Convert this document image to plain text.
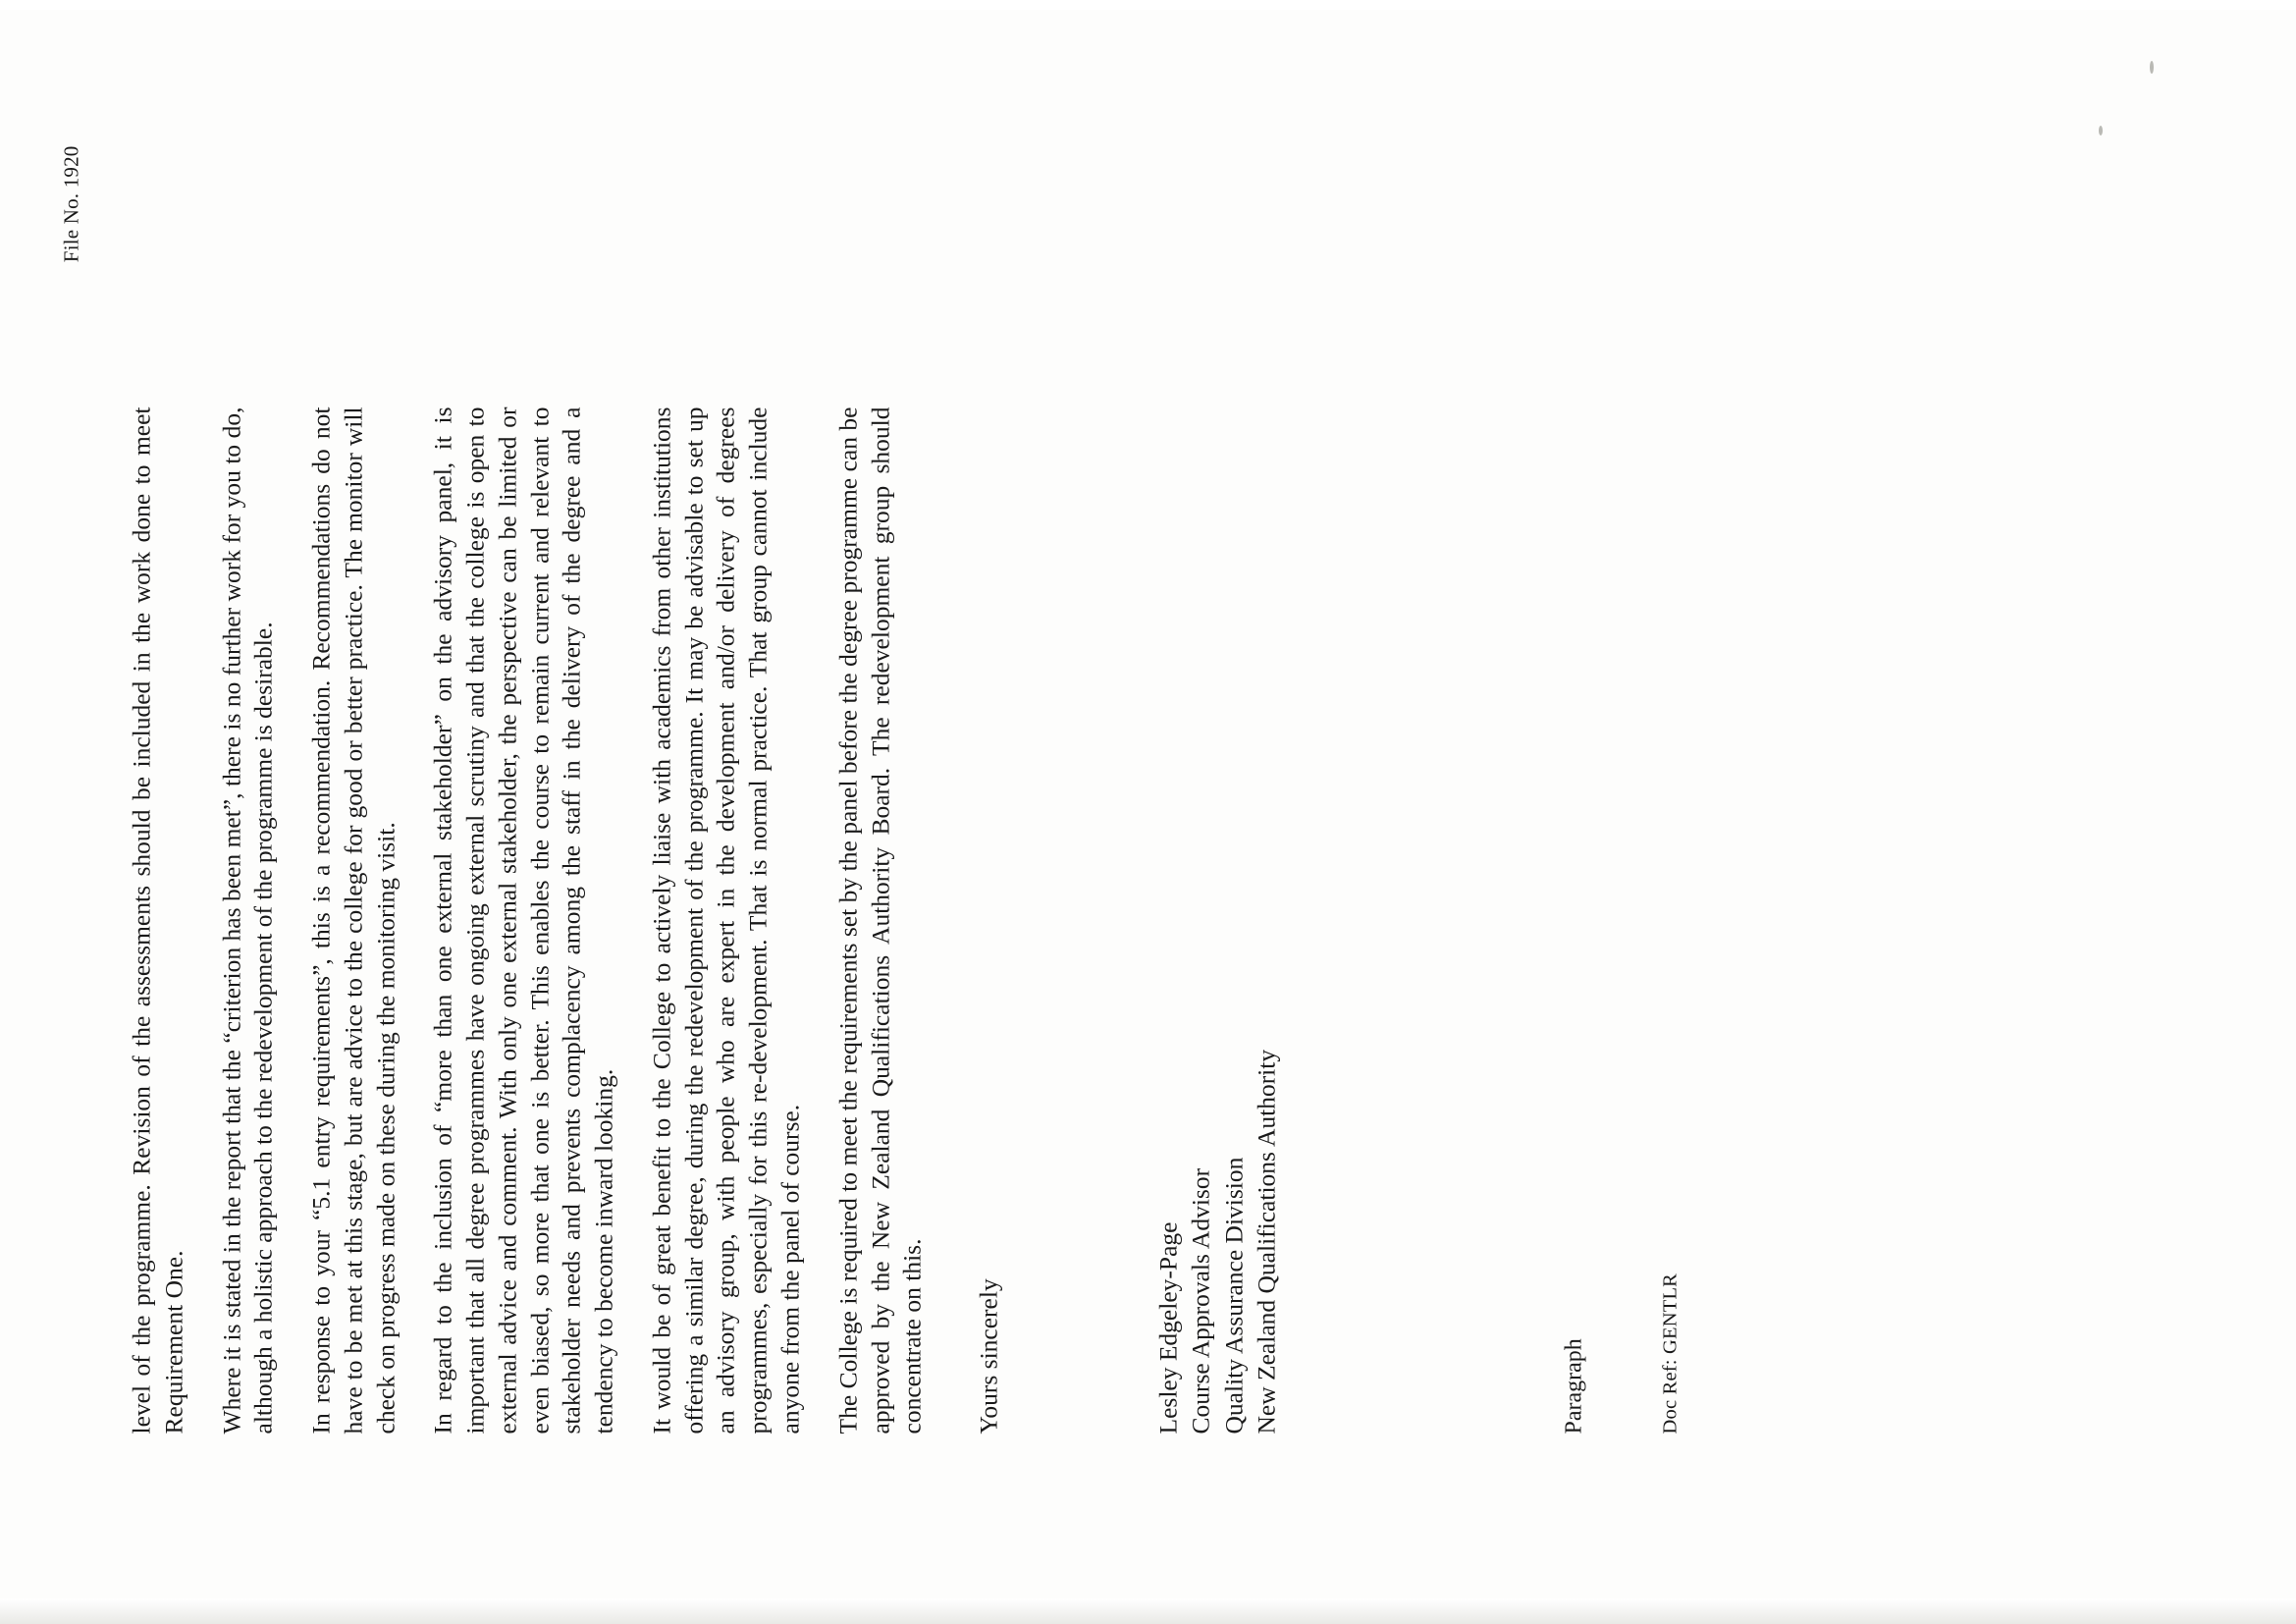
File No. 1920

level of the programme. Revision of the assessments should be included in the work done to meet Requirement One. Where it is stated in the report that the “criterion has been met”, there is no further work for you to do, although a holistic approach to the redevelopment of the programme is desirable. In response to your “5.1 entry requirements”, this is a recommendation. Recommendations do not have to be met at this stage, but are advice to the college for good or better practice. The monitor will check on progress made on these during the monitoring visit. In regard to the inclusion of “more than one external stakeholder” on the advisory panel, it is important that all degree programmes have ongoing external scrutiny and that the college is open to external advice and comment. With only one external stakeholder, the perspective can be limited or even biased, so more that one is better. This enables the course to remain current and relevant to stakeholder needs and prevents complacency among the staff in the delivery of the degree and a tendency to become inward looking. It would be of great benefit to the College to actively liaise with academics from other institutions offering a similar degree, during the redevelopment of the programme. It may be advisable to set up an advisory group, with people who are expert in the development and/or delivery of degrees programmes, especially for this re-development. That is normal practice. That group cannot include anyone from the panel of course. The College is required to meet the requirements set by the panel before the degree programme can be approved by the New Zealand Qualifications Authority Board. The redevelopment group should concentrate on this. Yours sincerely	Lesley Edgeley-Page Course Approvals Advisor Quality Assurance Division New Zealand Qualifications Authority	Paragraph	Doc Ref: GENTLR
